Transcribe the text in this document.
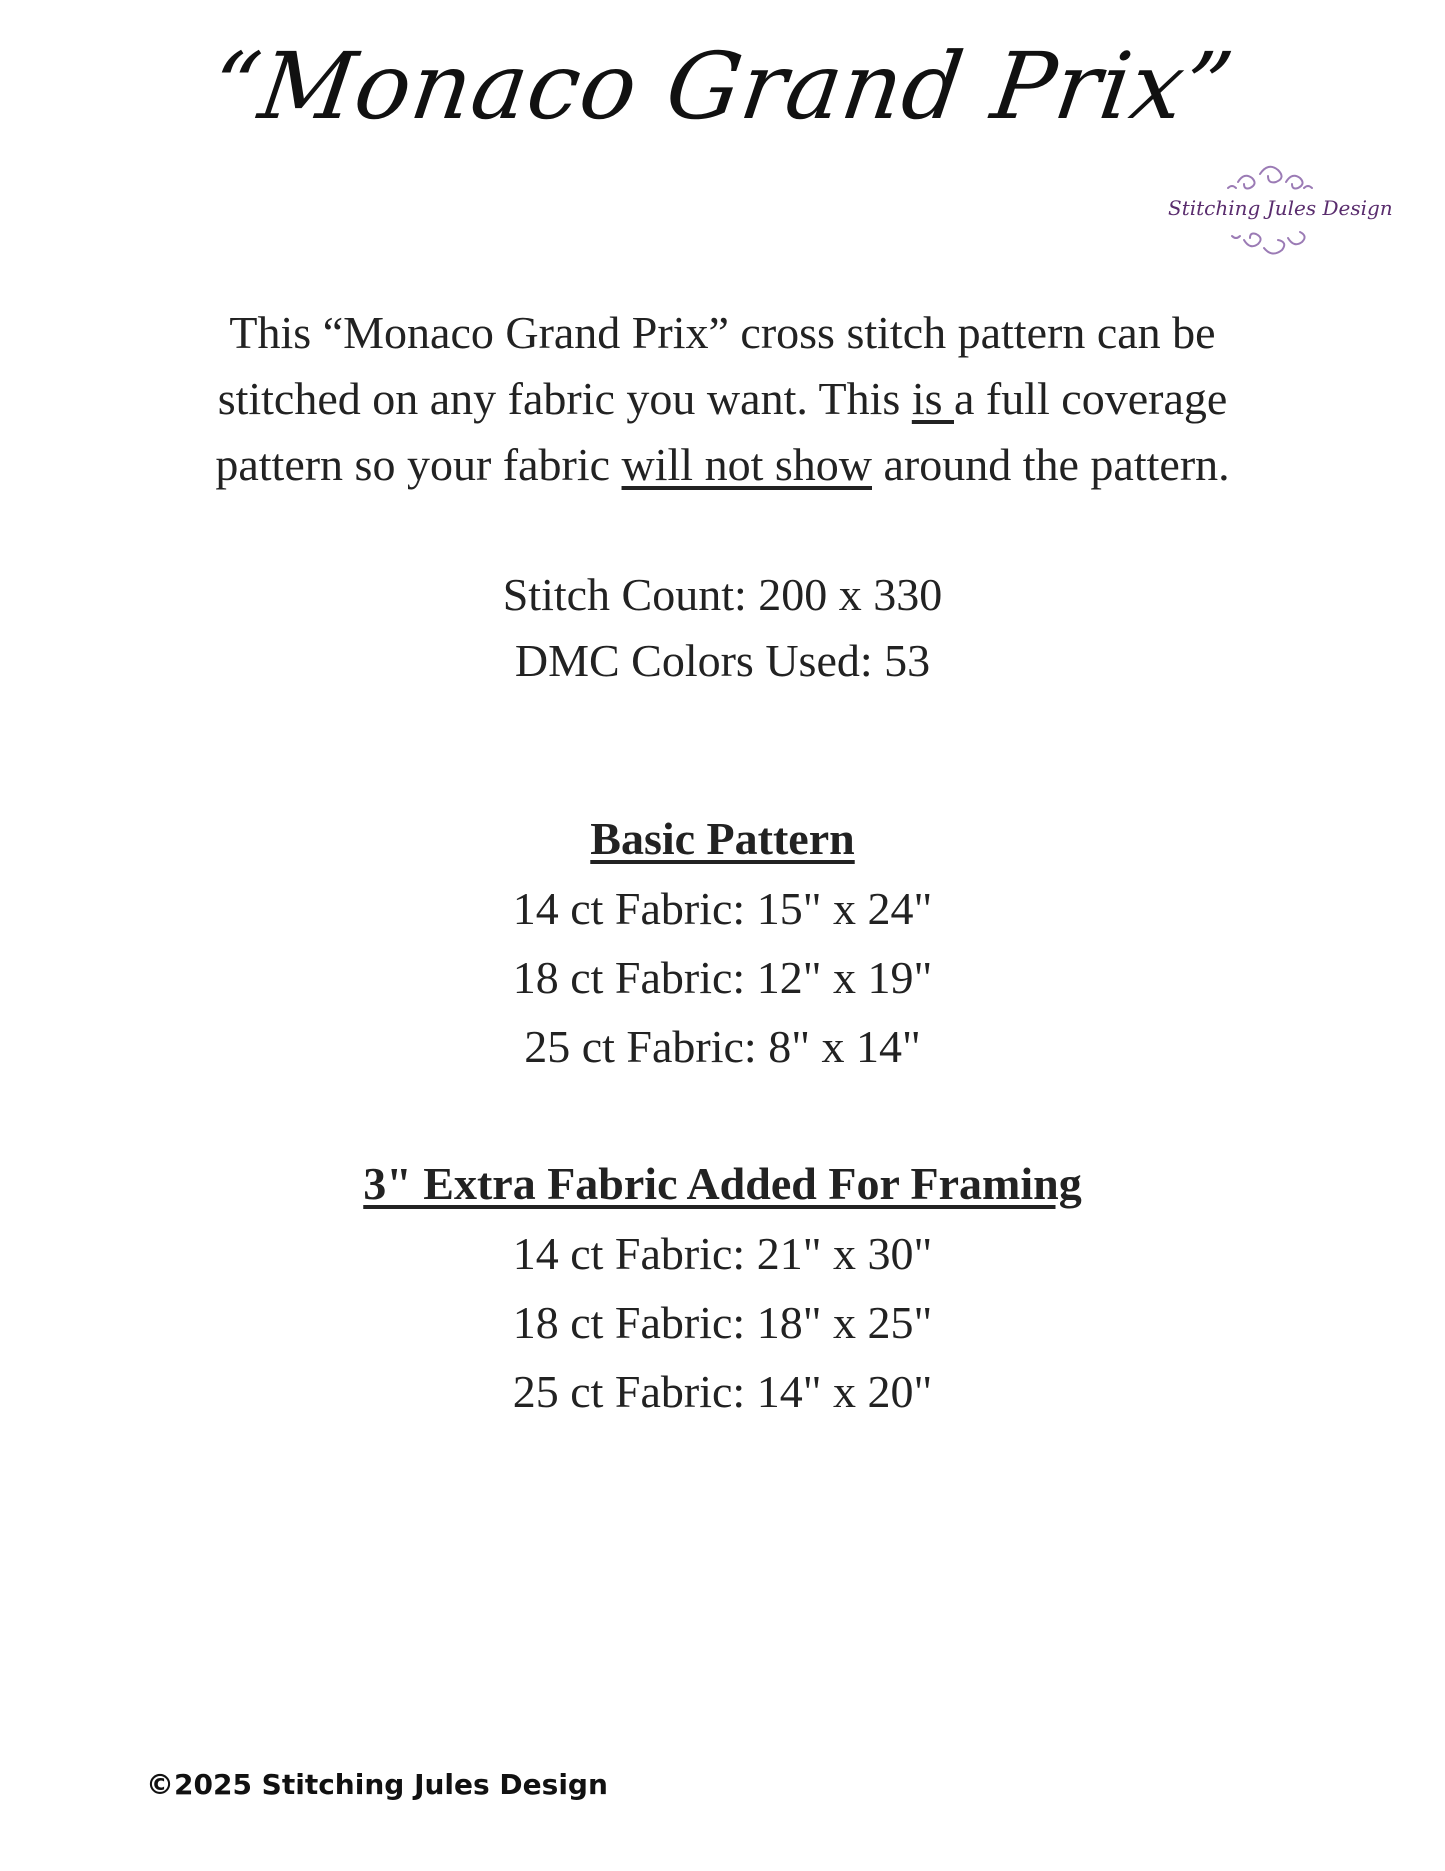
“Monaco Grand Prix”
Stitching Jules Design
This “Monaco Grand Prix” cross stitch pattern can be
stitched on any fabric you want. This is a full coverage
pattern so your fabric will not show around the pattern.
Stitch Count: 200 x 330
DMC Colors Used: 53
Basic Pattern
14 ct Fabric: 15" x 24"
18 ct Fabric: 12" x 19"
25 ct Fabric: 8" x 14"
3" Extra Fabric Added For Framing
14 ct Fabric: 21" x 30"
18 ct Fabric: 18" x 25"
25 ct Fabric: 14" x 20"
©2025 Stitching Jules Design
